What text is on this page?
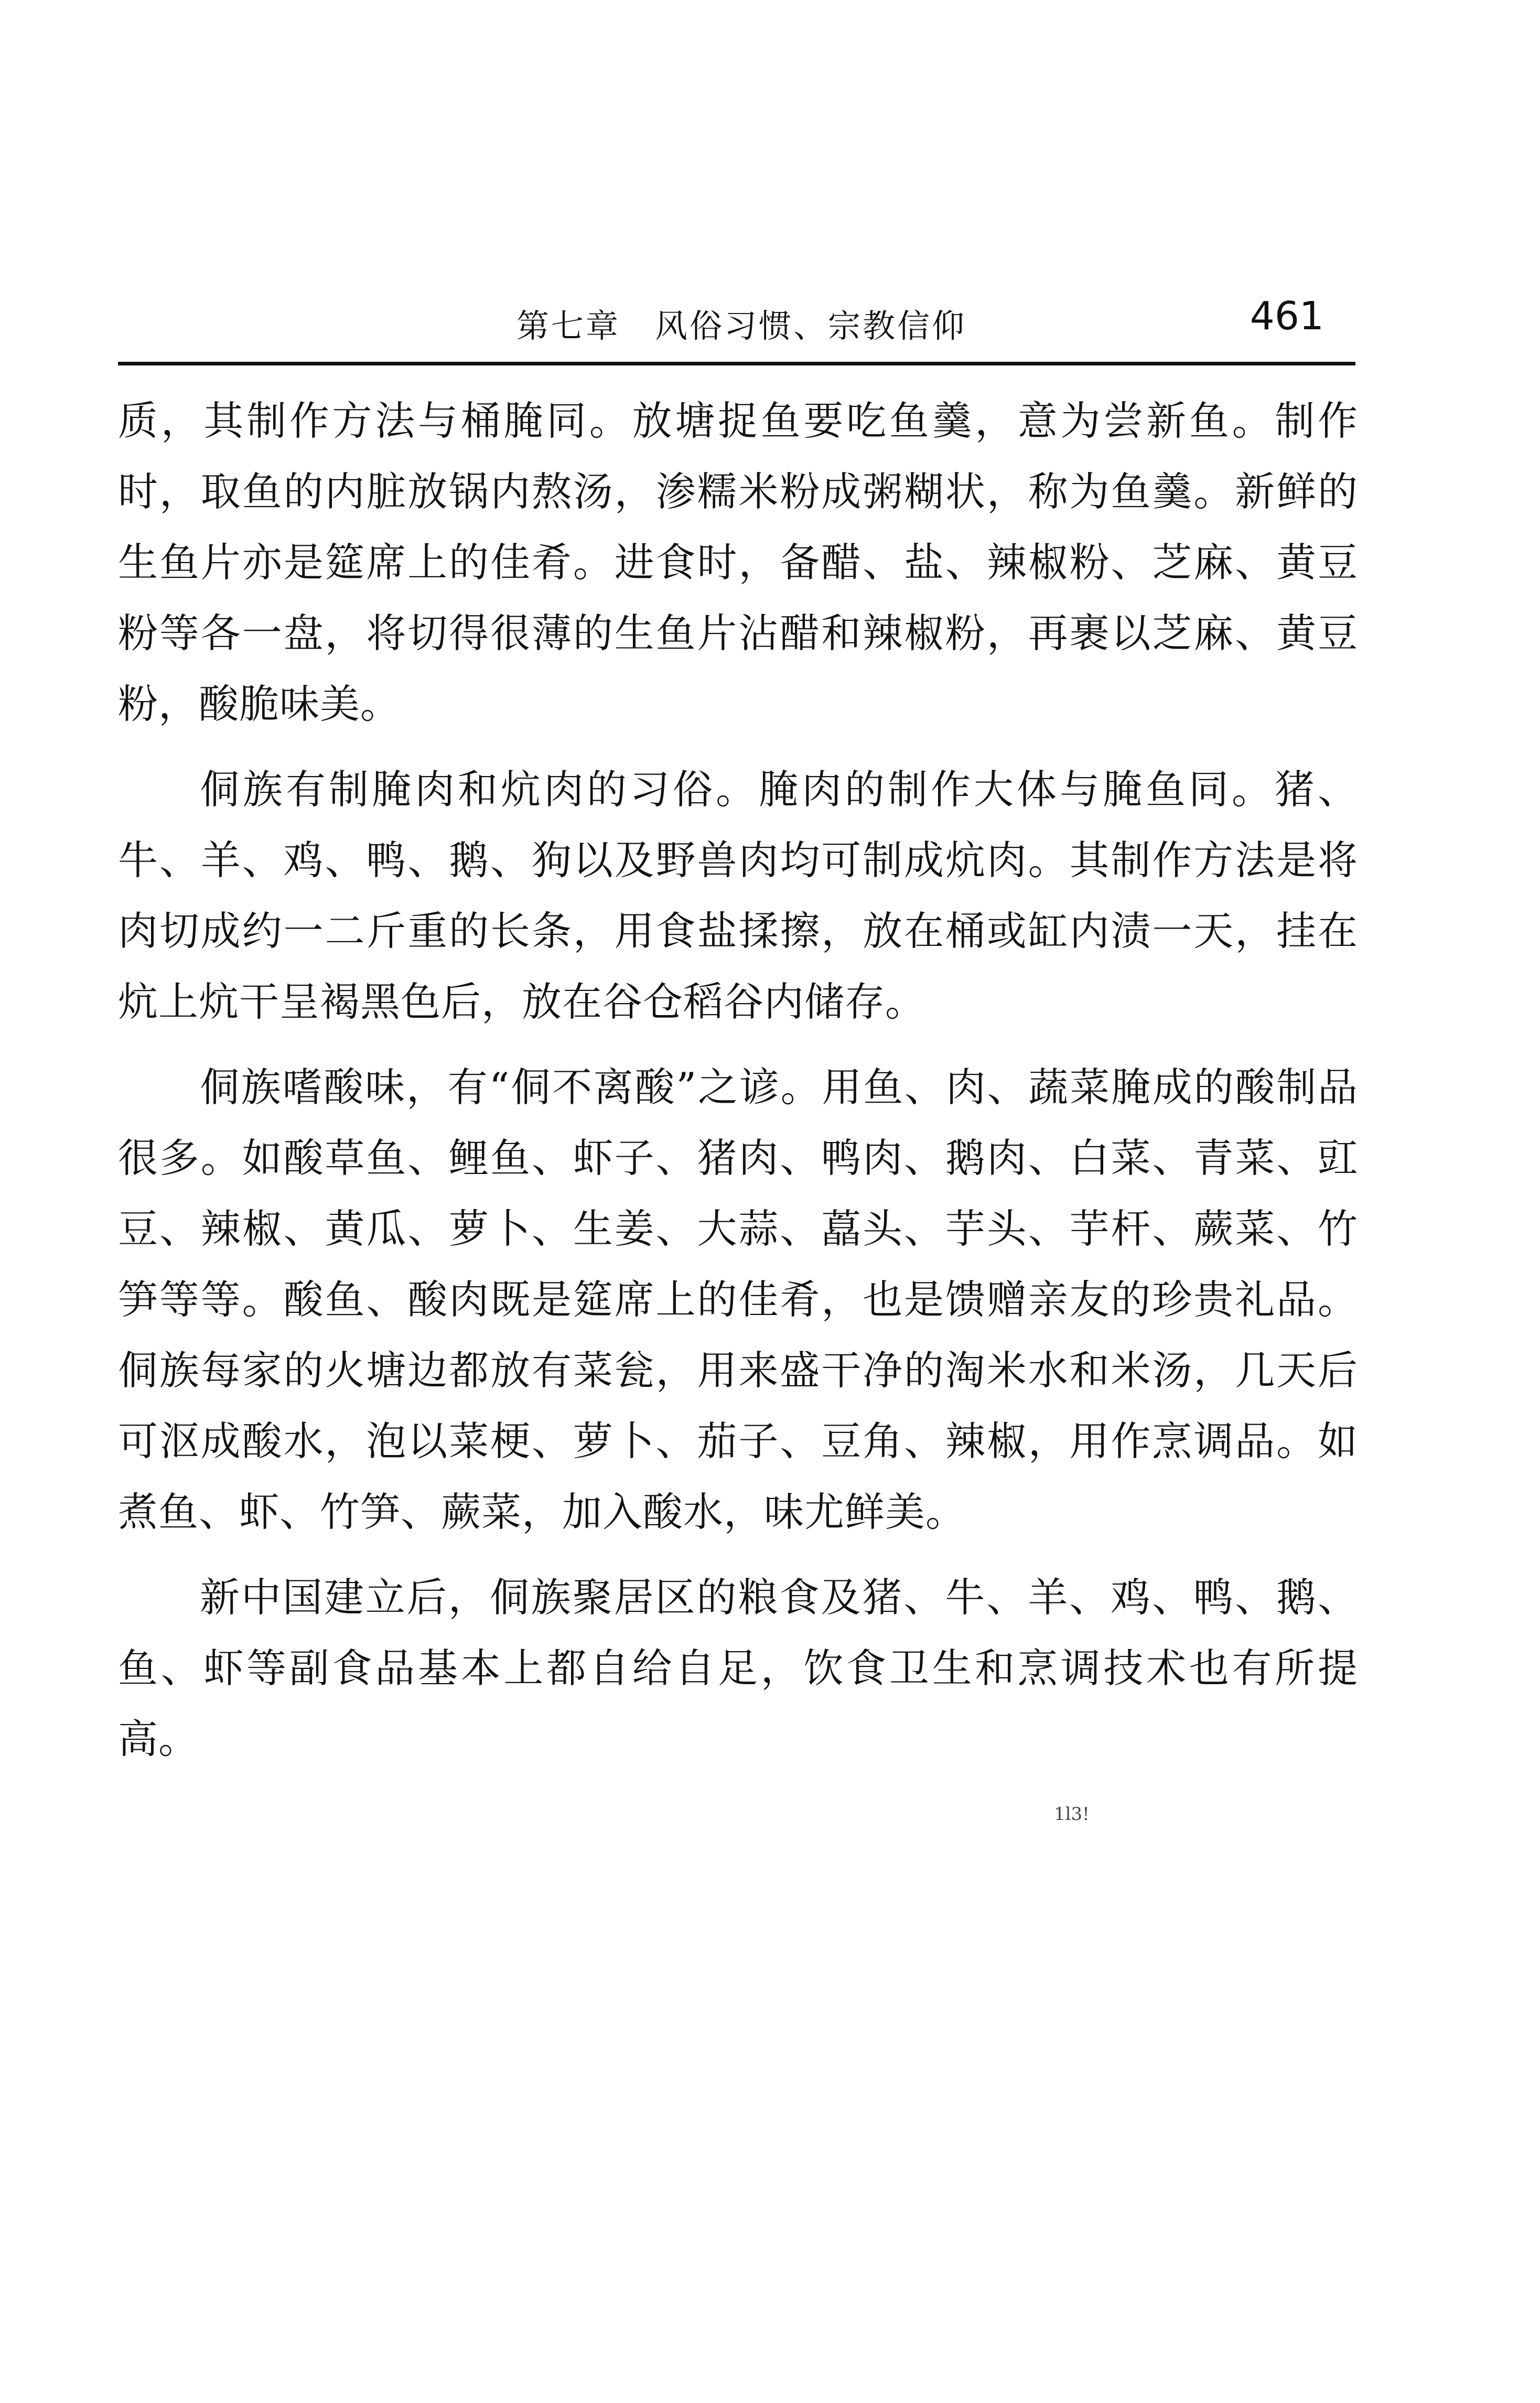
第七章　风俗习惯、宗教信仰	461

质，其制作方法与桶腌同。放塘捉鱼要吃鱼羹，意为尝新鱼。制作时，取鱼的内脏放锅内熬汤，渗糯米粉成粥糊状，称为鱼羹。新鲜的生鱼片亦是筵席上的佳肴。进食时，备醋、盐、辣椒粉、芝麻、黄豆粉等各一盘，将切得很薄的生鱼片沾醋和辣椒粉，再裹以芝麻、黄豆粉，酸脆味美。

侗族有制腌肉和炕肉的习俗。腌肉的制作大体与腌鱼同。猪、牛、羊、鸡、鸭、鹅、狗以及野兽肉均可制成炕肉。其制作方法是将肉切成约一二斤重的长条，用食盐揉擦，放在桶或缸内渍一天，挂在炕上炕干呈褐黑色后，放在谷仓稻谷内储存。

侗族嗜酸味，有“侗不离酸”之谚。用鱼、肉、蔬菜腌成的酸制品很多。如酸草鱼、鲤鱼、虾子、猪肉、鸭肉、鹅肉、白菜、青菜、豇豆、辣椒、黄瓜、萝卜、生姜、大蒜、藠头、芋头、芋杆、蕨菜、竹笋等等。酸鱼、酸肉既是筵席上的佳肴，也是馈赠亲友的珍贵礼品。侗族每家的火塘边都放有菜瓮，用来盛干净的淘米水和米汤，几天后可沤成酸水，泡以菜梗、萝卜、茄子、豆角、辣椒，用作烹调品。如煮鱼、虾、竹笋、蕨菜，加入酸水，味尤鲜美。

新中国建立后，侗族聚居区的粮食及猪、牛、羊、鸡、鸭、鹅、鱼、虾等副食品基本上都自给自足，饮食卫生和烹调技术也有所提高。

1l3!
